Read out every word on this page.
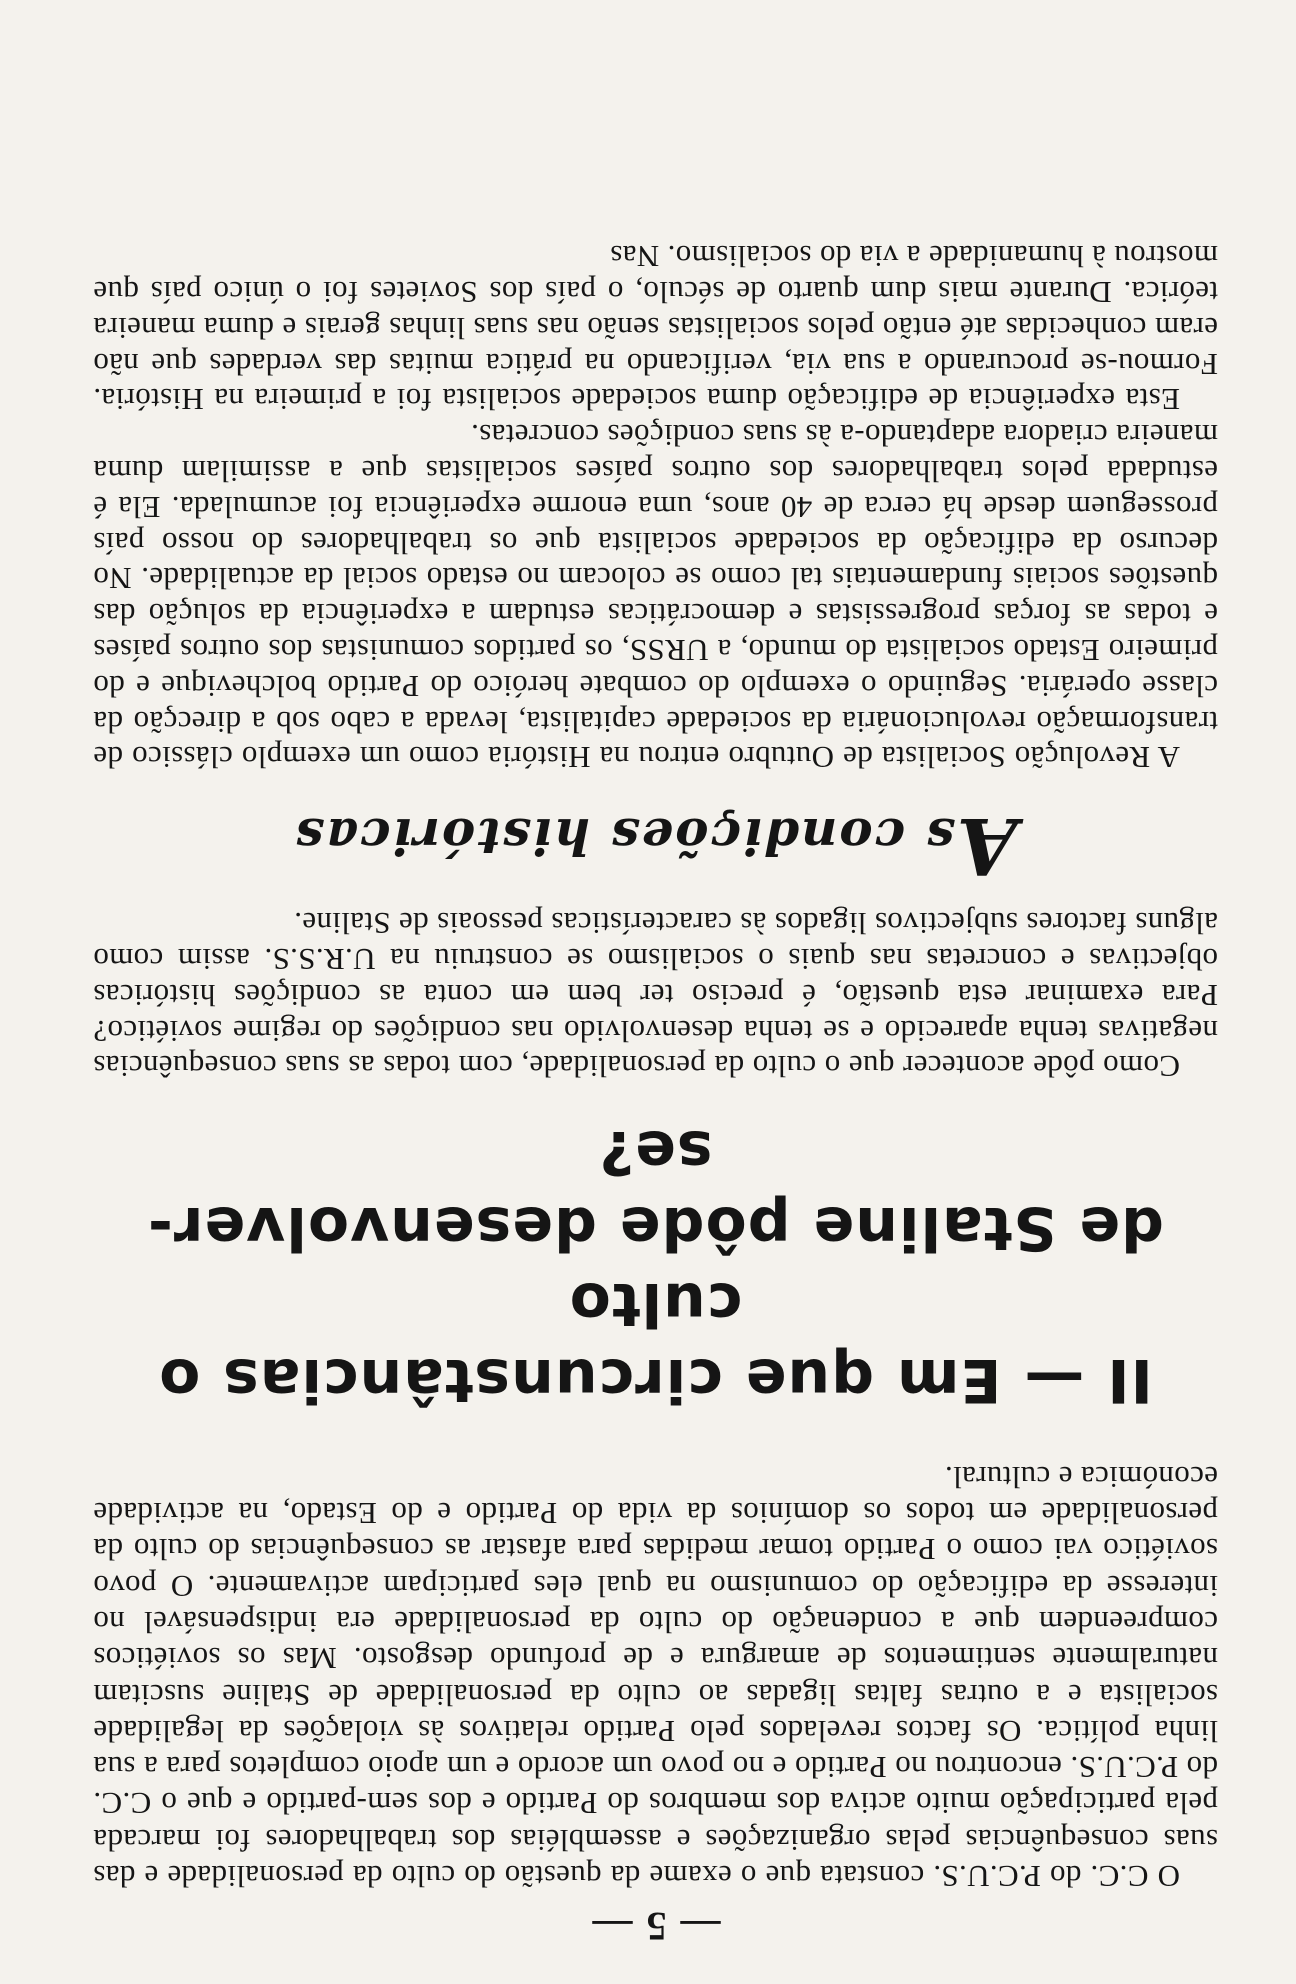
— 5 —

O C.C. do P.C.U.S. constata que o exame da questão do culto da personalidade e das suas consequências pelas organizações e assembléias dos trabalhadores foi marcada pela participação muito activa dos membros do Partido e dos sem-partido e que o C.C. do P.C.U.S. encontrou no Partido e no povo um acordo e um apoio completos para a sua linha política. Os factos revelados pelo Partido relativos às violações da legalidade socialista e a outras faltas ligadas ao culto da personalidade de Staline suscitam naturalmente sentimentos de amargura e de profundo desgosto. Mas os soviéticos compreendem que a condenação do culto da personalidade era indispensável no interesse da edificação do comunismo na qual eles participam activamente. O povo soviético vai como o Partido tomar medidas para afastar as consequências do culto da personalidade em todos os domínios da vida do Partido e do Estado, na actividade económica e cultural.

II — Em que circunstâncias o culto
de Staline pôde desenvolver-se?

Como pôde acontecer que o culto da personalidade, com todas as suas consequências negativas tenha aparecido e se tenha desenvolvido nas condições do regime soviético? Para examinar esta questão, é preciso ter bem em conta as condições históricas objectivas e concretas nas quais o socialismo se construiu na U.R.S.S. assim como alguns factores subjectivos ligados às características pessoais de Staline.

As condições históricas

A Revolução Socialista de Outubro entrou na História como um exemplo clássico de transformação revolucionária da sociedade capitalista, levada a cabo sob a direcção da classe operária. Seguindo o exemplo do combate heróico do Partido bolchevique e do primeiro Estado socialista do mundo, a URSS, os partidos comunistas dos outros países e todas as forças progressistas e democráticas estudam a experiência da solução das questões sociais fundamentais tal como se colocam no estado social da actualidade. No decurso da edificação da sociedade socialista que os trabalhadores do nosso país prosseguem desde há cerca de 40 anos, uma enorme experiência foi acumulada. Ela é estudada pelos trabalhadores dos outros países socialistas que a assimilam duma maneira criadora adaptando-a às suas condições concretas.

Esta experiência de edificação duma sociedade socialista foi a primeira na História. Formou-se procurando a sua via, verificando na prática muitas das verdades que não eram conhecidas até então pelos socialistas senão nas suas linhas gerais e duma maneira teórica. Durante mais dum quarto de século, o país dos Sovietes foi o único país que mostrou à humanidade a via do socialismo. Nas
